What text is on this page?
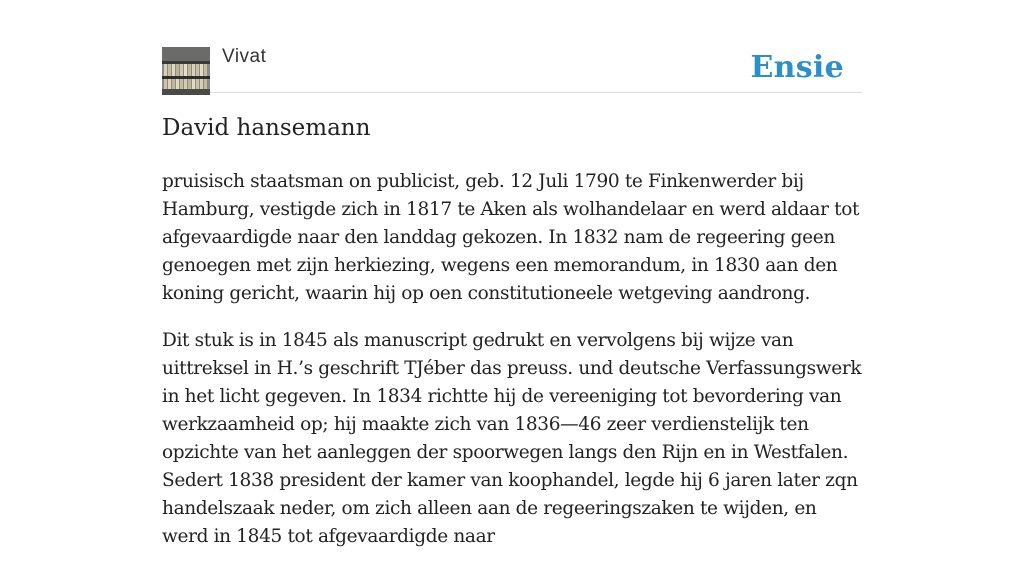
Vivat	Ensie
David hansemann

pruisisch staatsman on publicist, geb. 12 Juli 1790 te Finkenwerder bij Hamburg, vestigde zich in 1817 te Aken als wolhandelaar en werd aldaar tot afgevaardigde naar den landdag gekozen. In 1832 nam de regeering geen genoegen met zijn herkiezing, wegens een memorandum, in 1830 aan den koning gericht, waarin hij op oen constitutioneele wetgeving aandrong.

Dit stuk is in 1845 als manuscript gedrukt en vervolgens bij wijze van uittreksel in H.’s geschrift TJéber das preuss. und deutsche Verfassungswerk in het licht gegeven. In 1834 richtte hij de vereeniging tot bevordering van werkzaamheid op; hij maakte zich van 1836—46 zeer verdienstelijk ten opzichte van het aanleggen der spoorwegen langs den Rijn en in Westfalen. Sedert 1838 president der kamer van koophandel, legde hij 6 jaren later zqn handelszaak neder, om zich alleen aan de regeeringszaken te wijden, en werd in 1845 tot afgevaardigde naar
